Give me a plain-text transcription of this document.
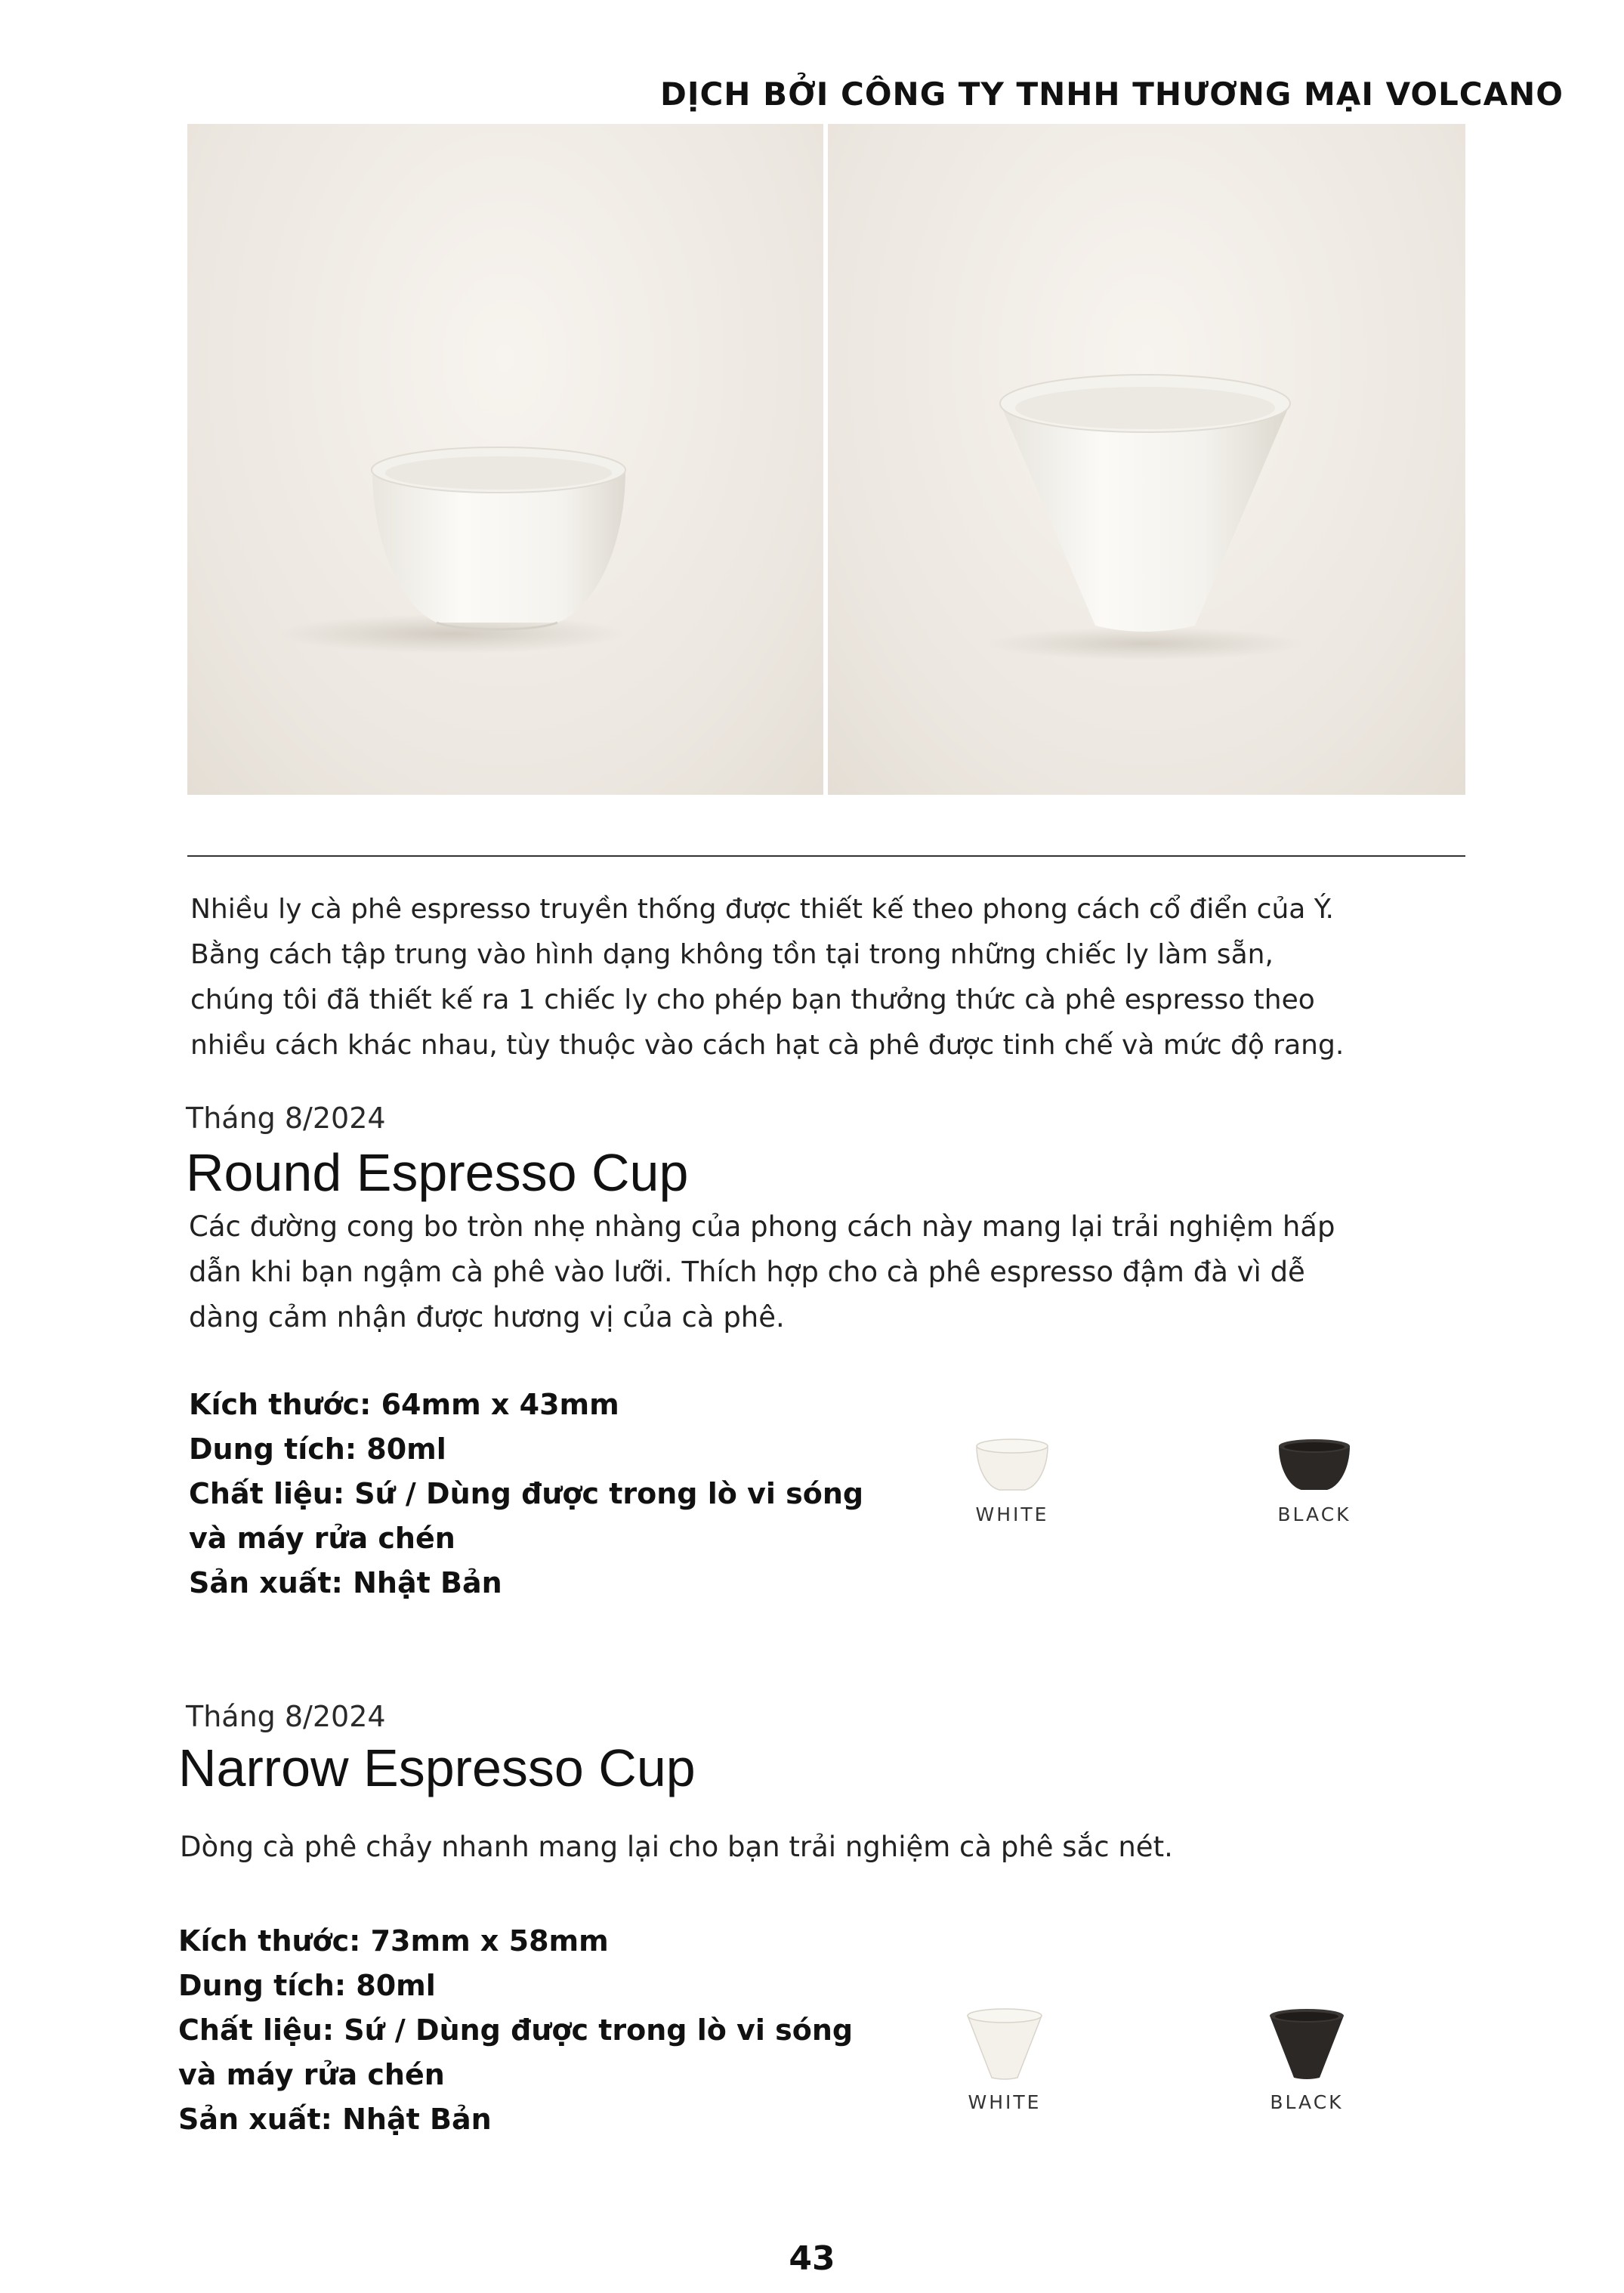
DỊCH BỞI CÔNG TY TNHH THƯƠNG MẠI VOLCANO

Nhiều ly cà phê espresso truyền thống được thiết kế theo phong cách cổ điển của Ý.

Bằng cách tập trung vào hình dạng không tồn tại trong những chiếc ly làm sẵn,

chúng tôi đã thiết kế ra 1 chiếc ly cho phép bạn thưởng thức cà phê espresso theo

nhiều cách khác nhau, tùy thuộc vào cách hạt cà phê được tinh chế và mức độ rang.

Tháng 8/2024
Round Espresso Cup

Các đường cong bo tròn nhẹ nhàng của phong cách này mang lại trải nghiệm hấp

dẫn khi bạn ngậm cà phê vào lưỡi. Thích hợp cho cà phê espresso đậm đà vì dễ

dàng cảm nhận được hương vị của cà phê.

Kích thước: 64mm x 43mm

Dung tích: 80ml

Chất liệu: Sứ / Dùng được trong lò vi sóng

và máy rửa chén

Sản xuất: Nhật Bản

WHITE	BLACK
Tháng 8/2024
Narrow Espresso Cup

Dòng cà phê chảy nhanh mang lại cho bạn trải nghiệm cà phê sắc nét.

Kích thước: 73mm x 58mm

Dung tích: 80ml

Chất liệu: Sứ / Dùng được trong lò vi sóng

và máy rửa chén

Sản xuất: Nhật Bản

WHITE	BLACK
43
